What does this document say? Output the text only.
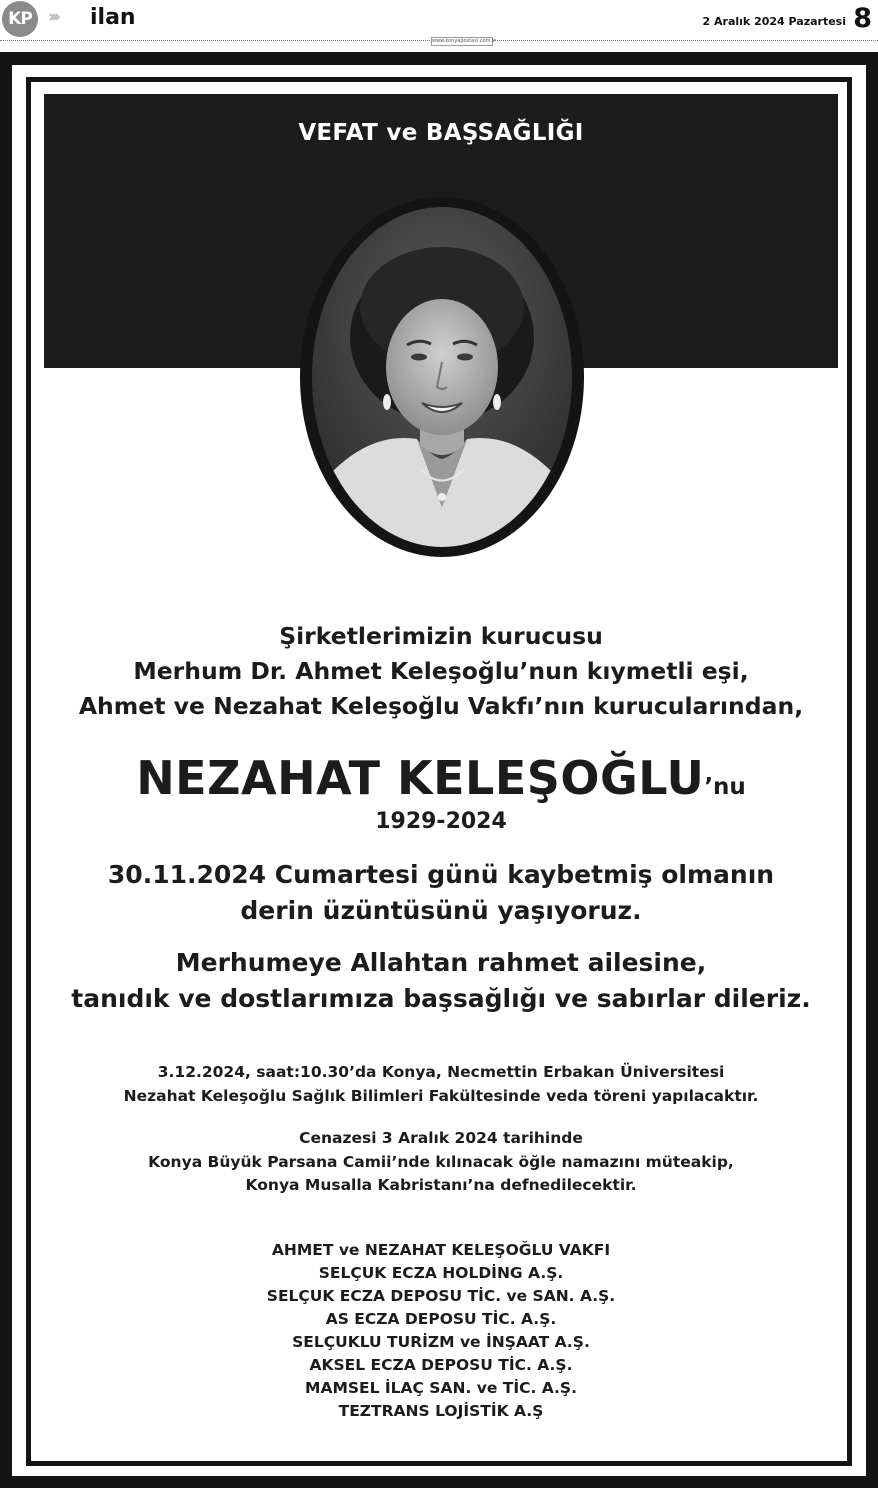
KP ››› ilan	2 Aralık 2024 Pazartesi 8
www.konyapostasi.com.tr
VEFAT ve BAŞSAĞLIĞI
Şirketlerimizin kurucusu
Merhum Dr. Ahmet Keleşoğlu’nun kıymetli eşi,
Ahmet ve Nezahat Keleşoğlu Vakfı’nın kurucularından,
NEZAHAT KELEŞOĞLU’nu
1929-2024
30.11.2024 Cumartesi günü kaybetmiş olmanın
derin üzüntüsünü yaşıyoruz.
Merhumeye Allahtan rahmet ailesine,
tanıdık ve dostlarımıza başsağlığı ve sabırlar dileriz.
3.12.2024, saat:10.30’da Konya, Necmettin Erbakan Üniversitesi
Nezahat Keleşoğlu Sağlık Bilimleri Fakültesinde veda töreni yapılacaktır.
Cenazesi 3 Aralık 2024 tarihinde
Konya Büyük Parsana Camii’nde kılınacak öğle namazını müteakip,
Konya Musalla Kabristanı’na defnedilecektir.
AHMET ve NEZAHAT KELEŞOĞLU VAKFI
SELÇUK ECZA HOLDİNG A.Ş.
SELÇUK ECZA DEPOSU TİC. ve SAN. A.Ş.
AS ECZA DEPOSU TİC. A.Ş.
SELÇUKLU TURİZM ve İNŞAAT A.Ş.
AKSEL ECZA DEPOSU TİC. A.Ş.
MAMSEL İLAÇ SAN. ve TİC. A.Ş.
TEZTRANS LOJİSTİK A.Ş
